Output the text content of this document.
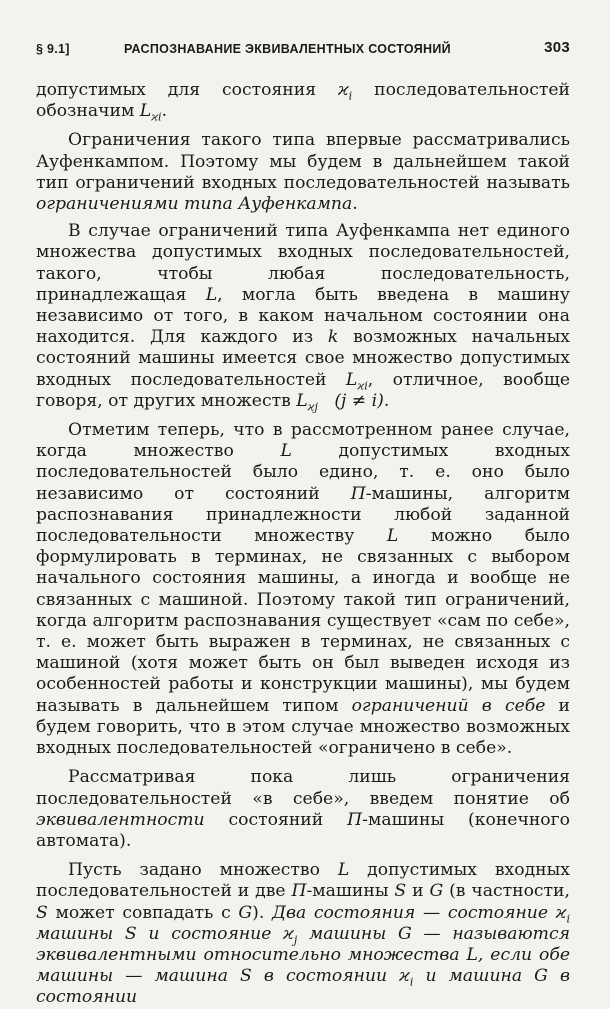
§ 9.1]	РАСПОЗНАВАНИЕ ЭКВИВАЛЕНТНЫХ СОСТОЯНИЙ	303

допустимых для состояния $ϰ_i$ последовательностей обозначим $L_{ϰi}$.

Ограничения такого типа впервые рассматривались Ауфенкампом. Поэтому мы будем в дальнейшем такой тип ограничений входных последовательностей называть ограничениями типа Ауфенкампа.

В случае ограничений типа Ауфенкампа нет единого множества допустимых входных последовательностей, такого, чтобы любая последовательность, принадлежащая L, могла быть введена в машину независимо от того, в каком начальном состоянии она находится. Для каждого из k возможных начальных состояний машины имеется свое множество допустимых входных последовательностей $L_{ϰi}$, отличное, вообще говоря, от других множеств $L_{ϰj}$ (j ≠ i).

Отметим теперь, что в рассмотренном ранее случае, когда множество L допустимых входных последовательностей было едино, т. е. оно было независимо от состояний П-машины, алгоритм распознавания принадлежности любой заданной последовательности множеству L можно было формулировать в терминах, не связанных с выбором начального состояния машины, а иногда и вообще не связанных с машиной. Поэтому такой тип ограничений, когда алгоритм распознавания существует «сам по себе», т. е. может быть выражен в терминах, не связанных с машиной (хотя может быть он был выведен исходя из особенностей работы и конструкции машины), мы будем называть в дальнейшем типом ограничений в себе и будем говорить, что в этом случае множество возможных входных последовательностей «ограничено в себе».

Рассматривая пока лишь ограничения последовательностей «в себе», введем понятие об эквивалентности состояний П-машины (конечного автомата).

Пусть задано множество L допустимых входных последовательностей и две П-машины S и G (в частности, S может совпадать с G). Два состояния — состояние $ϰ_i$ машины S и состояние $ϰ_j$ машины G — называются эквивалентными относительно множества L, если обе машины — машина S в состоянии $ϰ_i$ и машина G в состоянии
